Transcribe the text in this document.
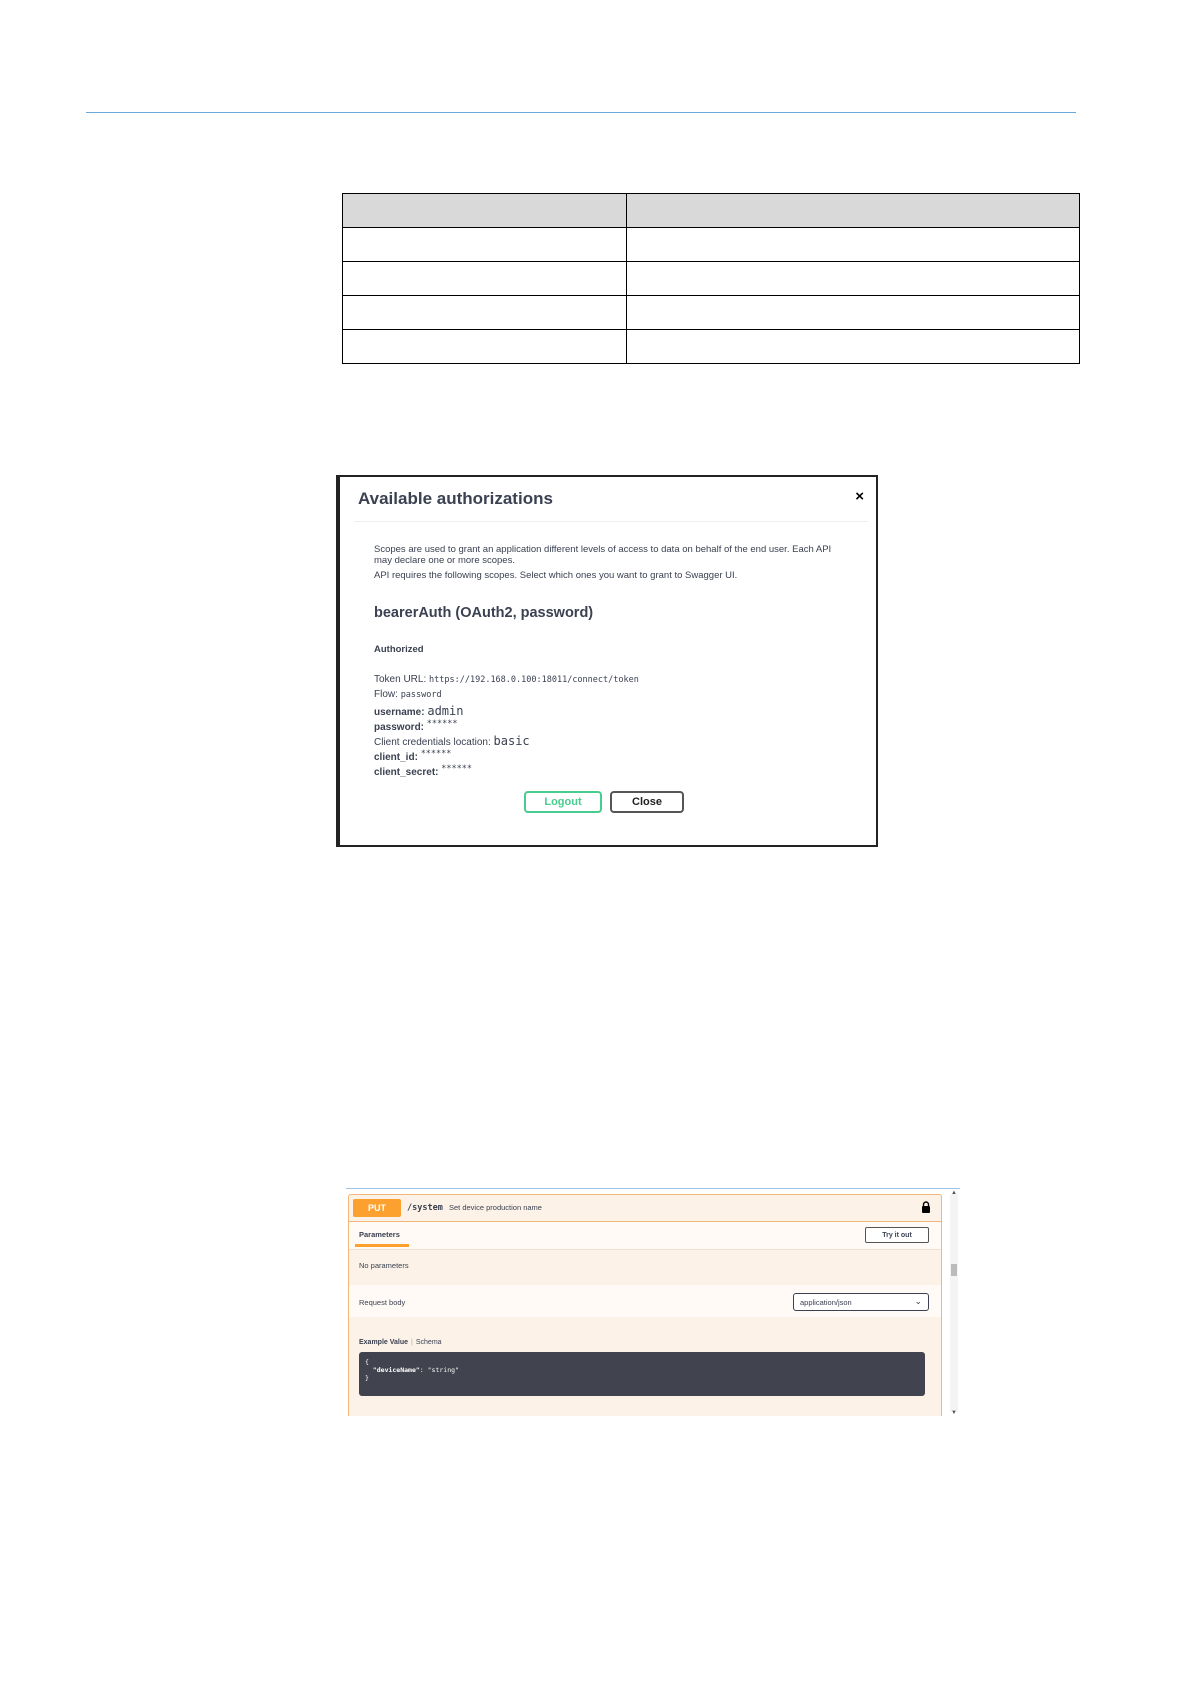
Available authorizations	×

Scopes are used to grant an application different levels of access to data on behalf of the end user. Each API may declare one or more scopes.

API requires the following scopes. Select which ones you want to grant to Swagger UI.

bearerAuth (OAuth2, password)
Authorized
Token URL: https://192.168.0.100:18011/connect/token
Flow: password
username: admin
password: ******
Client credentials location: basic
client_id: ******
client_secret: ******
Logout	Close
PUT	/system Set device production name
Parameters	Try it out
No parameters
Request body	application/json	⌄
Example Value | Schema
{
"deviceName": "string"
}
▲
▼
